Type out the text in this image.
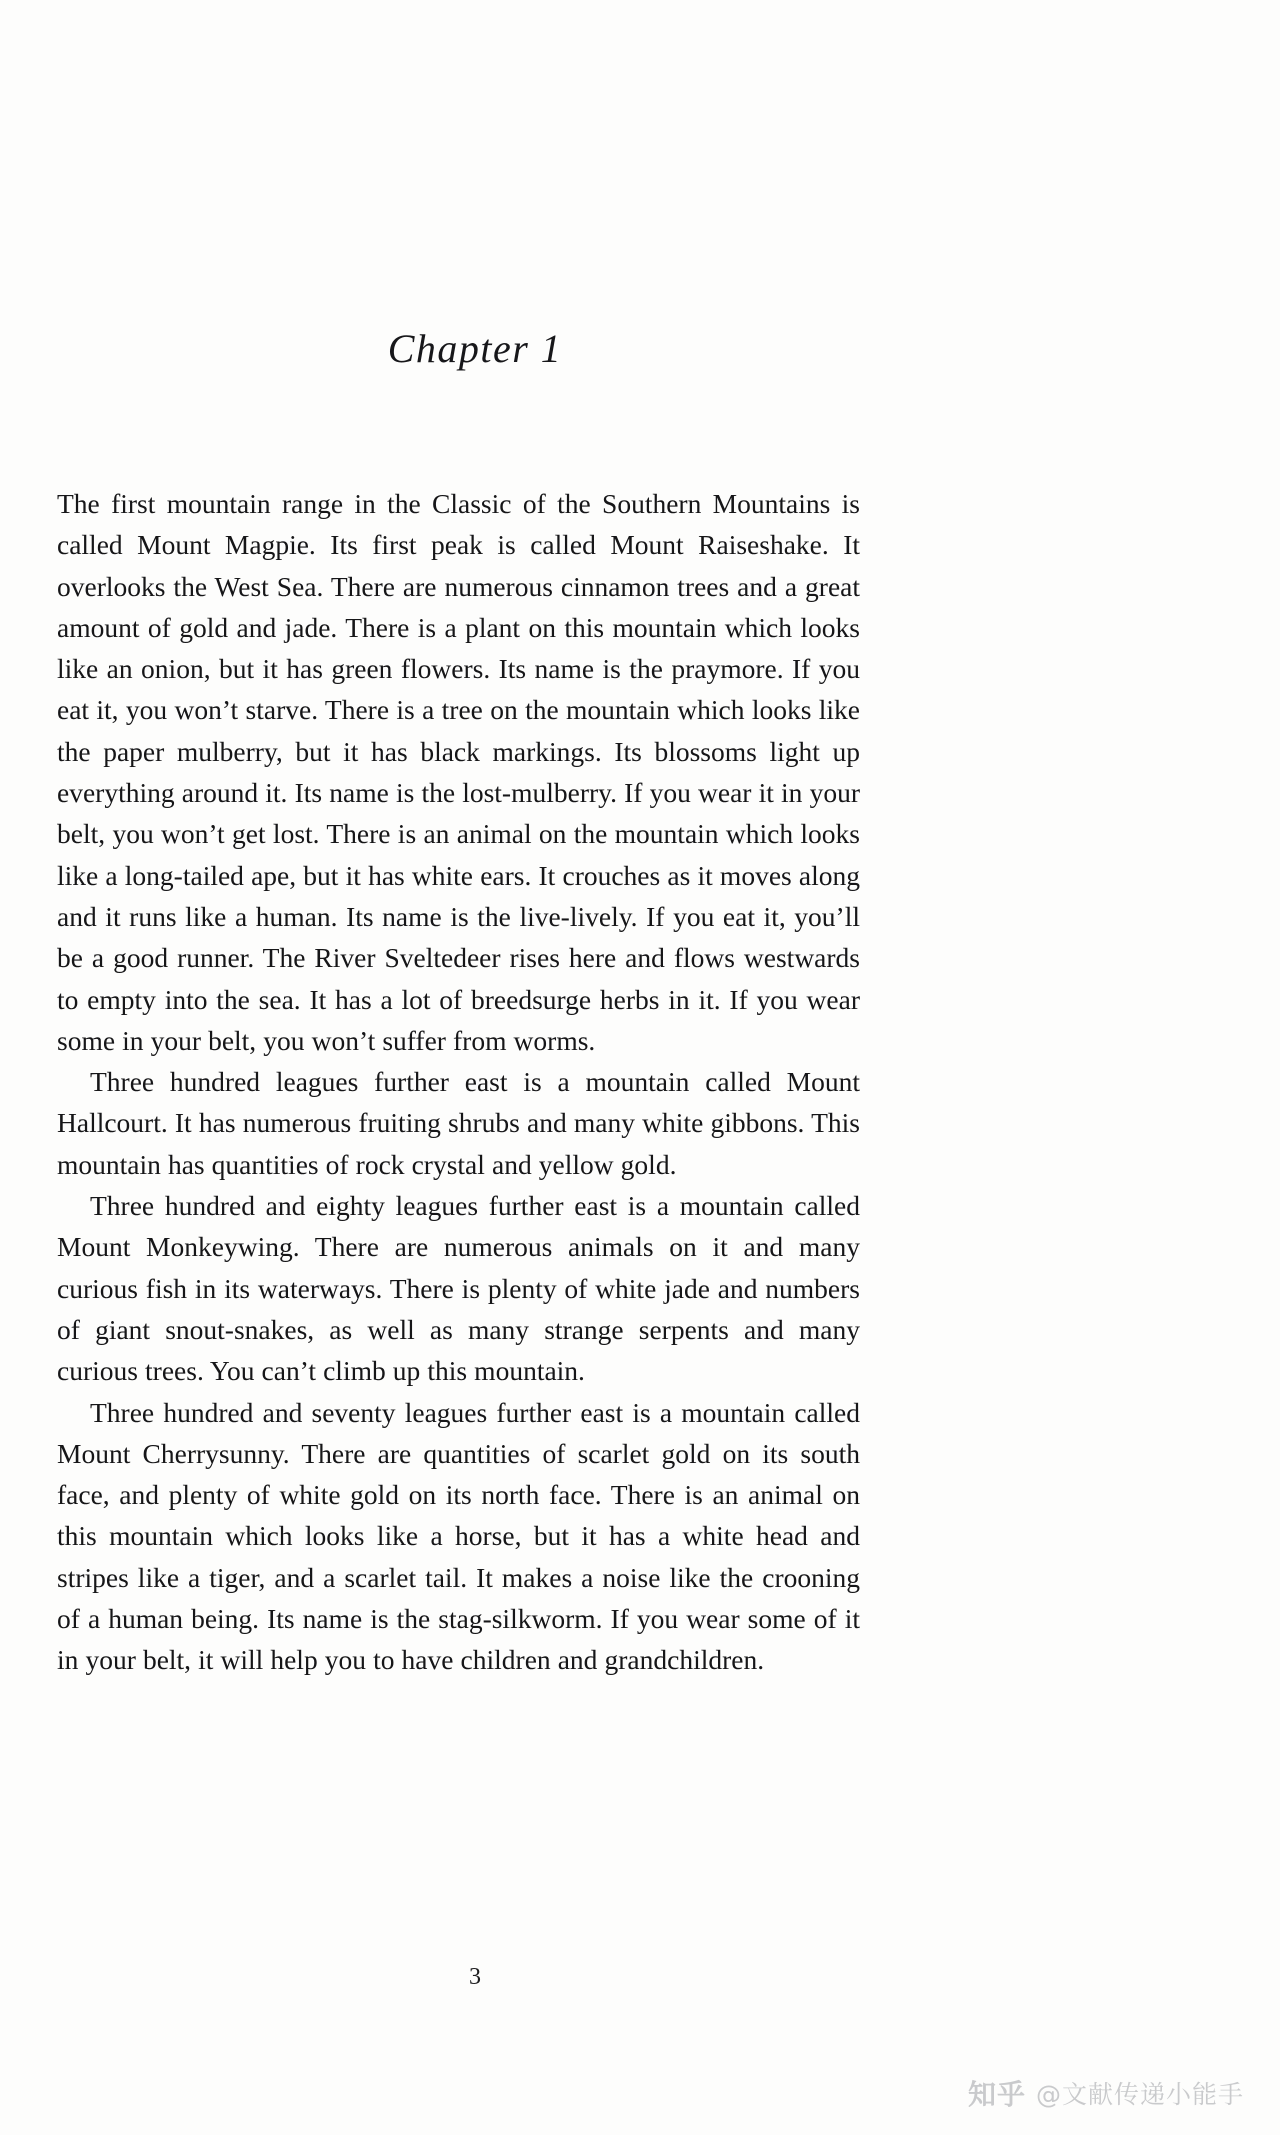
Chapter 1

The first mountain range in the Classic of the Southern Mountains is called Mount Magpie. Its first peak is called Mount Raiseshake. It overlooks the West Sea. There are numerous cinnamon trees and a great amount of gold and jade. There is a plant on this mountain which looks like an onion, but it has green flowers. Its name is the praymore. If you eat it, you won’t starve. There is a tree on the mountain which looks like the paper mulberry, but it has black markings. Its blossoms light up everything around it. Its name is the lost-mulberry. If you wear it in your belt, you won’t get lost. There is an animal on the mountain which looks like a long-tailed ape, but it has white ears. It crouches as it moves along and it runs like a human. Its name is the live-lively. If you eat it, you’ll be a good runner. The River Sveltedeer rises here and flows westwards to empty into the sea. It has a lot of breedsurge herbs in it. If you wear some in your belt, you won’t suffer from worms.

Three hundred leagues further east is a mountain called Mount Hallcourt. It has numerous fruiting shrubs and many white gibbons. This mountain has quantities of rock crystal and yellow gold.

Three hundred and eighty leagues further east is a mountain called Mount Monkeywing. There are numerous animals on it and many curious fish in its waterways. There is plenty of white jade and numbers of giant snout-snakes, as well as many strange serpents and many curious trees. You can’t climb up this mountain.

Three hundred and seventy leagues further east is a mountain called Mount Cherrysunny. There are quantities of scarlet gold on its south face, and plenty of white gold on its north face. There is an animal on this mountain which looks like a horse, but it has a white head and stripes like a tiger, and a scarlet tail. It makes a noise like the crooning of a human being. Its name is the stag-silkworm. If you wear some of it in your belt, it will help you to have children and grandchildren.

3
知乎 @文献传递小能手
